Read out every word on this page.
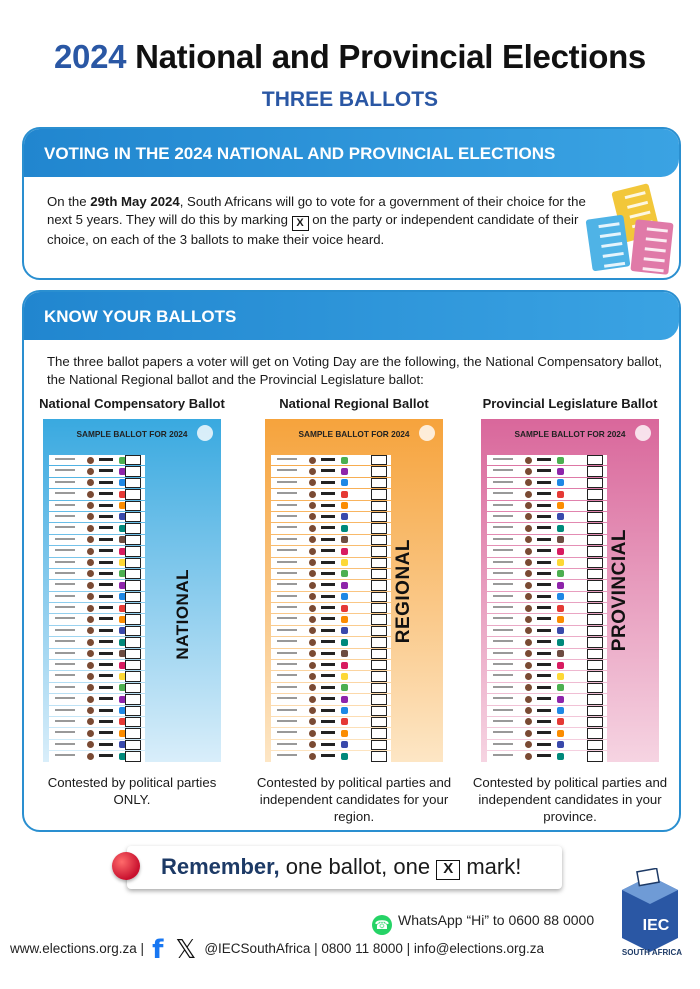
2024 National and Provincial Elections
THREE BALLOTS
VOTING IN THE 2024 NATIONAL AND PROVINCIAL ELECTIONS
On the 29th May 2024, South Africans will go to vote for a government of their choice for the next 5 years. They will do this by marking X on the party or independent candidate of their choice, on each of the 3 ballots to make their voice heard.
KNOW YOUR BALLOTS
The three ballot papers a voter will get on Voting Day are the following, the National Compensatory ballot, the National Regional ballot and the Provincial Legislature ballot:
National Compensatory Ballot
SAMPLE BALLOT FOR 2024
NATIONAL
Contested by political parties ONLY.
National Regional Ballot
SAMPLE BALLOT FOR 2024
REGIONAL
Contested by political parties and independent candidates for your region.
Provincial Legislature Ballot
SAMPLE BALLOT FOR 2024
PROVINCIAL
Contested by political parties and independent candidates in your province.
Remember, one ballot, one X mark!
☎ WhatsApp “Hi” to 0600 88 0000
www.elections.org.za | f 𝕏 @IECSouthAfrica | 0800 11 8000 | info@elections.org.za
IEC
SOUTH AFRICA
